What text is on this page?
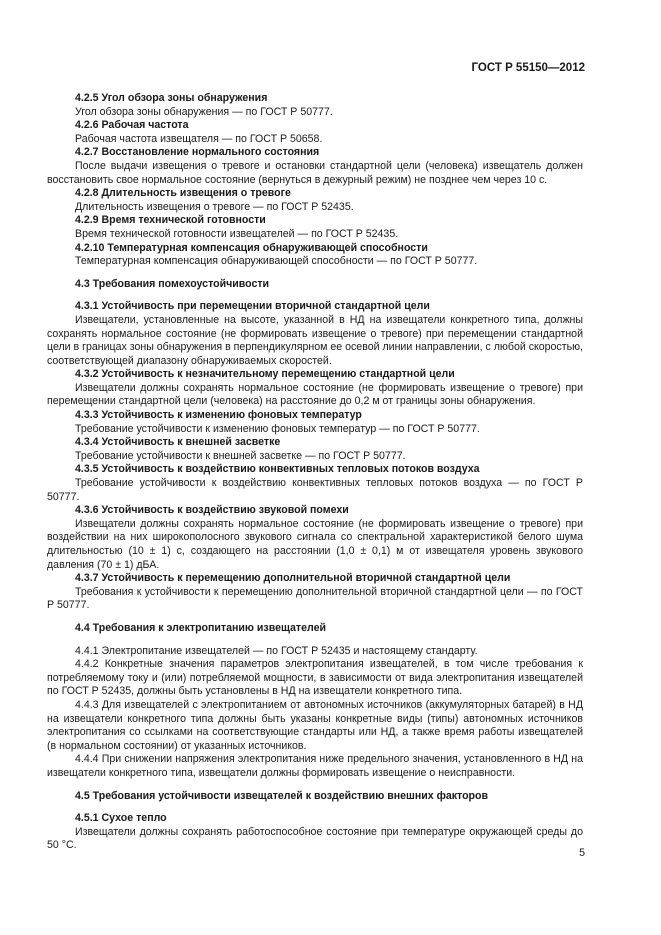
ГОСТ Р 55150—2012

4.2.5 Угол обзора зоны обнаружения

Угол обзора зоны обнаружения — по ГОСТ Р 50777.

4.2.6 Рабочая частота

Рабочая частота извещателя — по ГОСТ Р 50658.

4.2.7 Восстановление нормального состояния

После выдачи извещения о тревоге и остановки стандартной цели (человека) извещатель должен восстановить свое нормальное состояние (вернуться в дежурный режим) не позднее чем через 10 с.

4.2.8 Длительность извещения о тревоге

Длительность извещения о тревоге — по ГОСТ Р 52435.

4.2.9 Время технической готовности

Время технической готовности извещателей — по ГОСТ Р 52435.

4.2.10 Температурная компенсация обнаруживающей способности

Температурная компенсация обнаруживающей способности — по ГОСТ Р 50777.

4.3 Требования помехоустойчивости

4.3.1 Устойчивость при перемещении вторичной стандартной цели

Извещатели, установленные на высоте, указанной в НД на извещатели конкретного типа, должны сохранять нормальное состояние (не формировать извещение о тревоге) при перемещении стандартной цели в границах зоны обнаружения в перпендикулярном ее осевой линии направлении, с любой скоростью, соответствующей диапазону обнаруживаемых скоростей.

4.3.2 Устойчивость к незначительному перемещению стандартной цели

Извещатели должны сохранять нормальное состояние (не формировать извещение о тревоге) при перемещении стандартной цели (человека) на расстояние до 0,2 м от границы зоны обнаружения.

4.3.3 Устойчивость к изменению фоновых температур

Требование устойчивости к изменению фоновых температур — по ГОСТ Р 50777.

4.3.4 Устойчивость к внешней засветке

Требование устойчивости к внешней засветке — по ГОСТ Р 50777.

4.3.5 Устойчивость к воздействию конвективных тепловых потоков воздуха

Требование устойчивости к воздействию конвективных тепловых потоков воздуха — по ГОСТ Р 50777.

4.3.6 Устойчивость к воздействию звуковой помехи

Извещатели должны сохранять нормальное состояние (не формировать извещение о тревоге) при воздействии на них широкополосного звукового сигнала со спектральной характеристикой белого шума длительностью (10 ± 1) с, создающего на расстоянии (1,0 ± 0,1) м от извещателя уровень звукового давления (70 ± 1) дБА.

4.3.7 Устойчивость к перемещению дополнительной вторичной стандартной цели

Требования к устойчивости к перемещению дополнительной вторичной стандартной цели — по ГОСТ Р 50777.

4.4 Требования к электропитанию извещателей

4.4.1 Электропитание извещателей — по ГОСТ Р 52435 и настоящему стандарту.

4.4.2 Конкретные значения параметров электропитания извещателей, в том числе требования к потребляемому току и (или) потребляемой мощности, в зависимости от вида электропитания извещателей по ГОСТ Р 52435, должны быть установлены в НД на извещатели конкретного типа.

4.4.3 Для извещателей с электропитанием от автономных источников (аккумуляторных батарей) в НД на извещатели конкретного типа должны быть указаны конкретные виды (типы) автономных источников электропитания со ссылками на соответствующие стандарты или НД, а также время работы извещателей (в нормальном состоянии) от указанных источников.

4.4.4 При снижении напряжения электропитания ниже предельного значения, установленного в НД на извещатели конкретного типа, извещатели должны формировать извещение о неисправности.

4.5 Требования устойчивости извещателей к воздействию внешних факторов

4.5.1 Сухое тепло

Извещатели должны сохранять работоспособное состояние при температуре окружающей среды до 50 °С.

5
